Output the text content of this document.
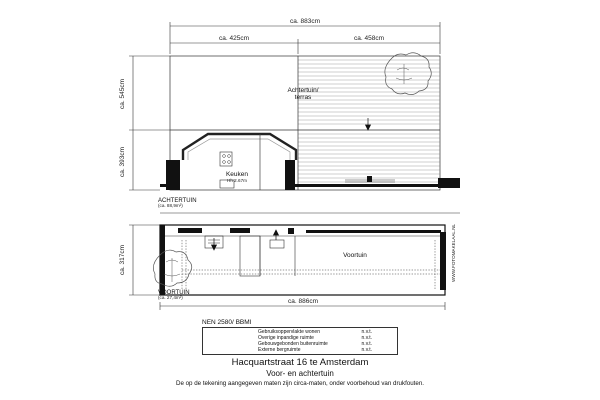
ca. 883cm
ca. 425cm	ca. 458cm
ca. 545cm
ca. 393cm
ca. 317cm
Achtertuin/
terras
Keuken
Hh 2.67m
ACHTERTUIN
(ca. 88,9m²)
Voortuin
VOORTUIN
(ca. 27,4m²)
WWW.FOTOMAKELAAL.NL
ca. 886cm
NEN 2580/ BBMI
Gebruiksoppervlakte wonen	n.v.t.
Overige inpandige ruimte	n.v.t.
Gebouwgebonden buitenruimte	n.v.t.
Externe bergruimte	n.v.t.
Hacquartstraat 16 te Amsterdam
Voor- en achtertuin
De op de tekening aangegeven maten zijn circa-maten, onder voorbehoud van drukfouten.
